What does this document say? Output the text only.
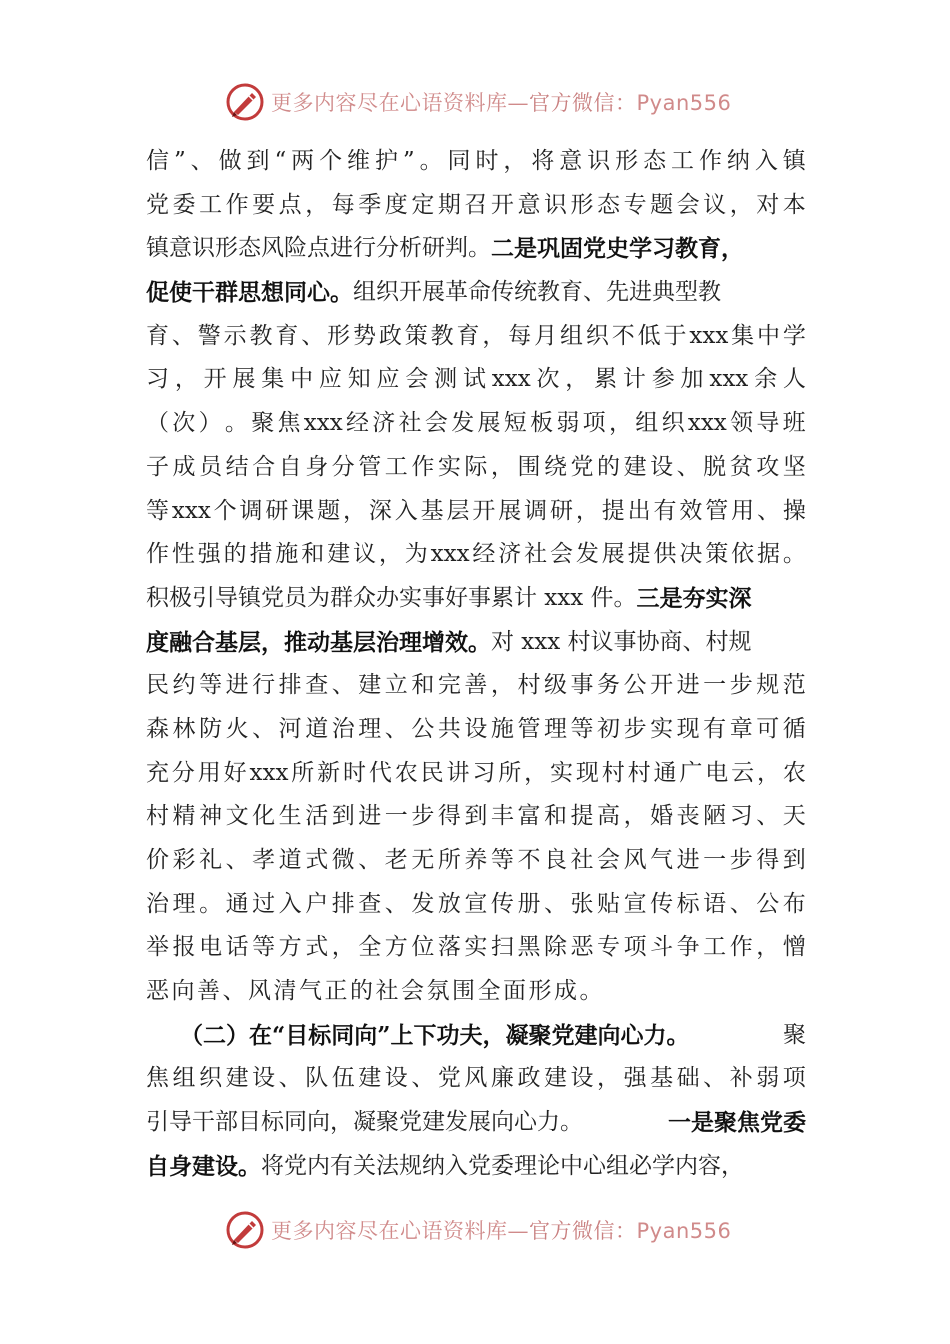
更多内容尽在心语资料库—官方微信：Pyan556
信 ” 、 做 到 “ 两 个 维 护 ” 。 同 时 ， 将 意 识 形 态 工 作 纳 入 镇
党 委 工 作 要 点 ， 每 季 度 定 期 召 开 意 识 形 态 专 题 会 议 ， 对 本
镇意识形态风险点进行分析研判。 二是巩固党史学习教育，
促使干群思想同心。 组织开展革命传统教育、先进典型教
育 、 警 示 教 育 、 形 势 政 策 教 育 ， 每 月 组 织 不 低 于 xxx 集 中 学
习 ， 开 展 集 中 应 知 应 会 测 试 xxx 次 ， 累 计 参 加 xxx 余 人
（ 次 ） 。 聚 焦 xxx 经 济 社 会 发 展 短 板 弱 项 ， 组 织 xxx 领 导 班
子 成 员 结 合 自 身 分 管 工 作 实 际 ， 围 绕 党 的 建 设 、 脱 贫 攻 坚
等 xxx 个 调 研 课 题 ， 深 入 基 层 开 展 调 研 ， 提 出 有 效 管 用 、 操
作 性 强 的 措 施 和 建 议 ， 为 xxx 经 济 社 会 发 展 提 供 决 策 依 据 。
积极引导镇党员为群众办实事好事累计 xxx 件。 三是夯实深
度融合基层，推动基层治理增效。 对 xxx 村议事协商、村规
民 约 等 进 行 排 查 、 建 立 和 完 善 ， 村 级 事 务 公 开 进 一 步 规 范
森 林 防 火 、 河 道 治 理 、 公 共 设 施 管 理 等 初 步 实 现 有 章 可 循
充 分 用 好 xxx 所 新 时 代 农 民 讲 习 所 ， 实 现 村 村 通 广 电 云 ， 农
村 精 神 文 化 生 活 到 进 一 步 得 到 丰 富 和 提 高 ， 婚 丧 陋 习 、 天
价 彩 礼 、 孝 道 式 微 、 老 无 所 养 等 不 良 社 会 风 气 进 一 步 得 到
治 理 。 通 过 入 户 排 查 、 发 放 宣 传 册 、 张 贴 宣 传 标 语 、 公 布
举 报 电 话 等 方 式 ， 全 方 位 落 实 扫 黑 除 恶 专 项 斗 争 工 作 ， 憎
恶向善、风清气正的社会氛围全面形成。
（二）在“目标同向”上下功夫，凝聚党建向心力。	聚
焦 组 织 建 设 、 队 伍 建 设 、 党 风 廉 政 建 设 ， 强 基 础 、 补 弱 项
引导干部目标同向，凝聚党建发展向心力。	一是聚焦党委
自身建设。 将党内有关法规纳入党委理论中心组必学内容，
更多内容尽在心语资料库—官方微信：Pyan556
